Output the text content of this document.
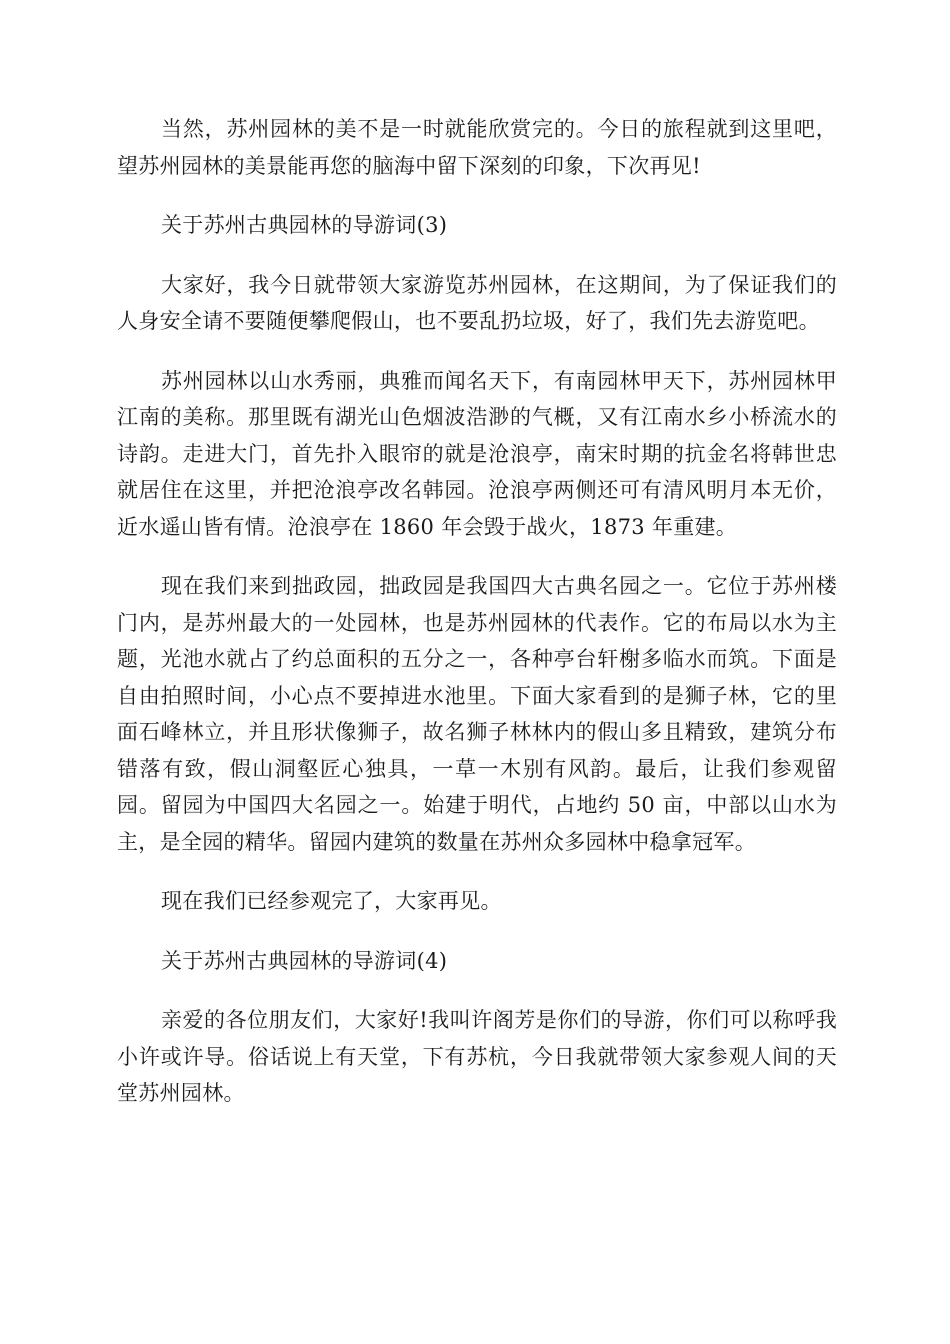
当然，苏州园林的美不是一时就能欣赏完的。今日的旅程就到这里吧，望苏州园林的美景能再您的脑海中留下深刻的印象，下次再见!

关于苏州古典园林的导游词(3)

大家好，我今日就带领大家游览苏州园林，在这期间，为了保证我们的人身安全请不要随便攀爬假山，也不要乱扔垃圾，好了，我们先去游览吧。

苏州园林以山水秀丽，典雅而闻名天下，有南园林甲天下，苏州园林甲江南的美称。那里既有湖光山色烟波浩渺的气概，又有江南水乡小桥流水的诗韵。走进大门，首先扑入眼帘的就是沧浪亭，南宋时期的抗金名将韩世忠就居住在这里，并把沧浪亭改名韩园。沧浪亭两侧还可有清风明月本无价，近水遥山皆有情。沧浪亭在 1860 年会毁于战火，1873 年重建。

现在我们来到拙政园，拙政园是我国四大古典名园之一。它位于苏州楼门内，是苏州最大的一处园林，也是苏州园林的代表作。它的布局以水为主题，光池水就占了约总面积的五分之一，各种亭台轩榭多临水而筑。下面是自由拍照时间，小心点不要掉进水池里。下面大家看到的是狮子林，它的里面石峰林立，并且形状像狮子，故名狮子林林内的假山多且精致，建筑分布错落有致，假山洞壑匠心独具，一草一木别有风韵。最后，让我们参观留园。留园为中国四大名园之一。始建于明代，占地约 50 亩，中部以山水为主，是全园的精华。留园内建筑的数量在苏州众多园林中稳拿冠军。

现在我们已经参观完了，大家再见。

关于苏州古典园林的导游词(4)

亲爱的各位朋友们，大家好!我叫许阁芳是你们的导游，你们可以称呼我小许或许导。俗话说上有天堂，下有苏杭，今日我就带领大家参观人间的天堂苏州园林。
